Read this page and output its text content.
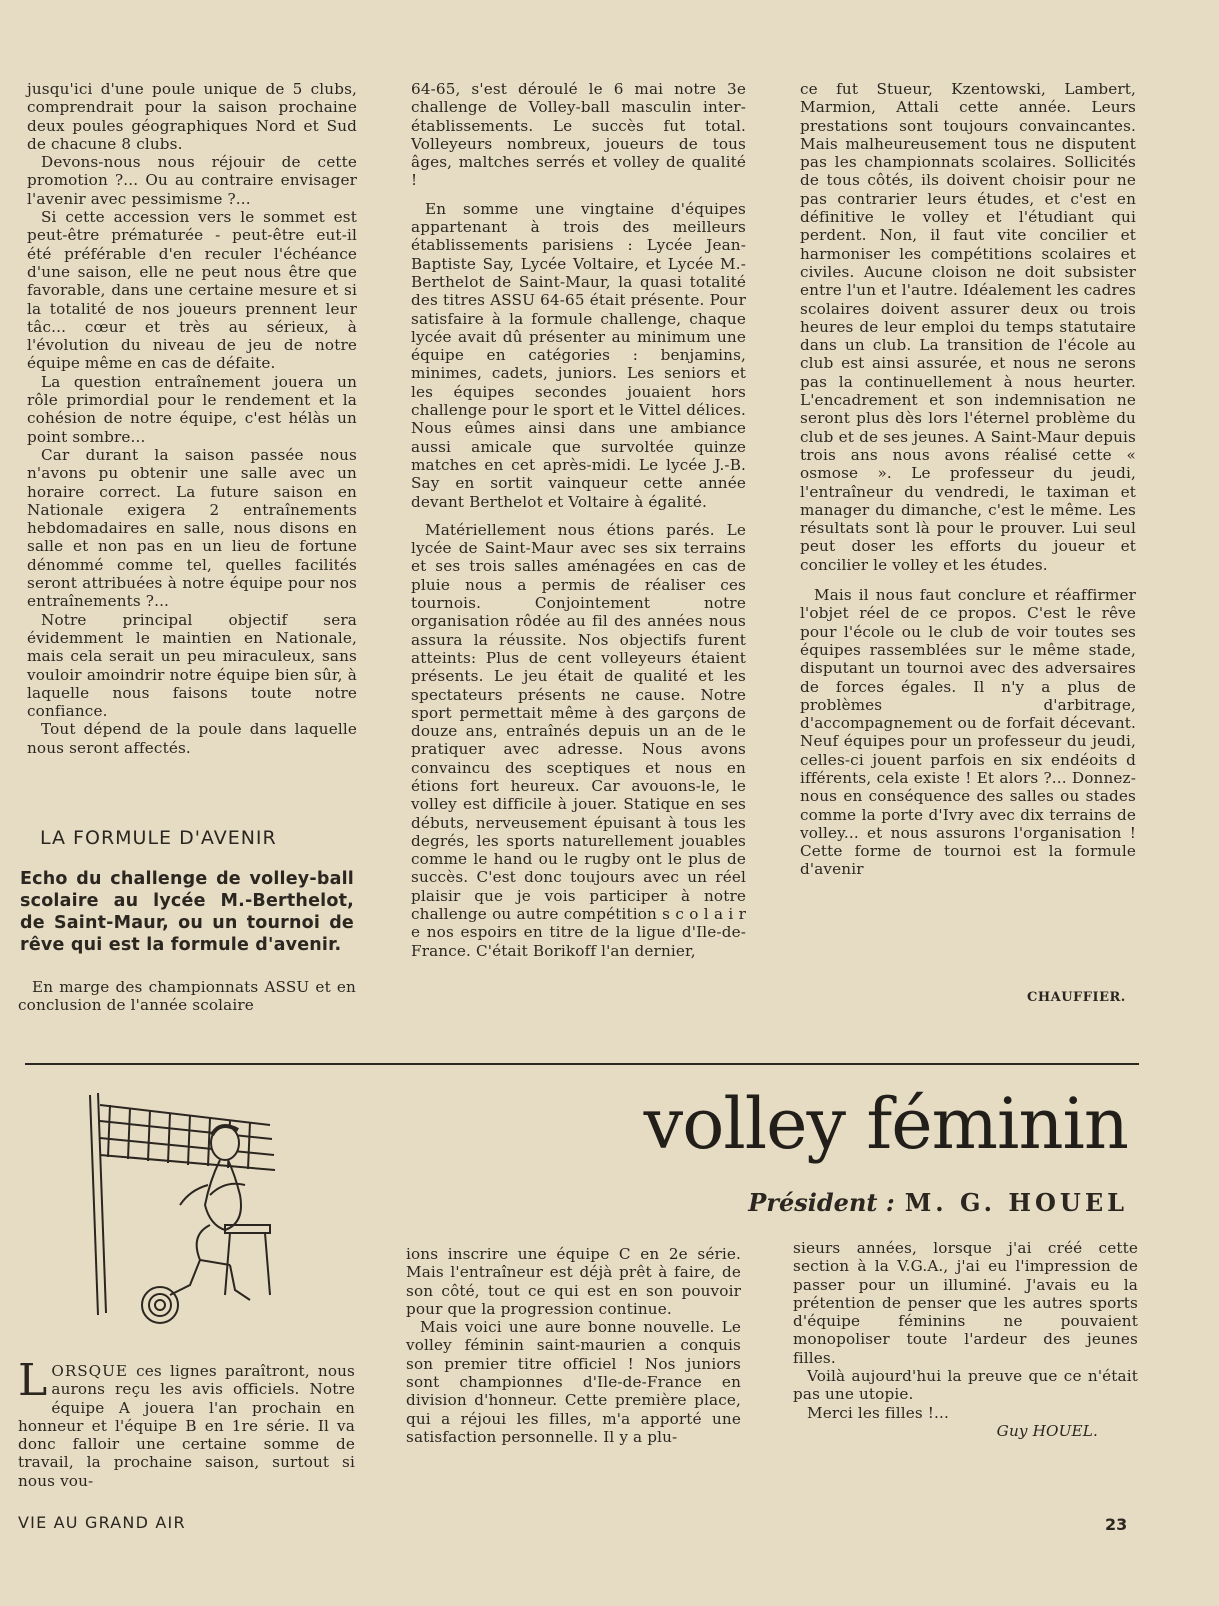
jusqu'ici d'une poule unique de 5 clubs, comprendrait pour la saison prochaine deux poules géographiques Nord et Sud de chacune 8 clubs.

Devons-nous nous réjouir de cette promotion ?... Ou au contraire envisager l'avenir avec pessimisme ?...

Si cette accession vers le sommet est peut-être prématurée - peut-être eut-il été préférable d'en reculer l'échéance d'une saison, elle ne peut nous être que favorable, dans une certaine mesure et si la totalité de nos joueurs prennent leur tâc... cœur et très au sérieux, à l'évolution du niveau de jeu de notre équipe même en cas de défaite.

La question entraînement jouera un rôle primordial pour le rendement et la cohésion de notre équipe, c'est hélàs un point sombre...

Car durant la saison passée nous n'avons pu obtenir une salle avec un horaire correct. La future saison en Nationale exigera 2 entraînements hebdomadaires en salle, nous disons en salle et non pas en un lieu de fortune dénommé comme tel, quelles facilités seront attribuées à notre équipe pour nos entraînements ?...

Notre principal objectif sera évidemment le maintien en Nationale, mais cela serait un peu miraculeux, sans vouloir amoindrir notre équipe bien sûr, à laquelle nous faisons toute notre confiance.

Tout dépend de la poule dans laquelle nous seront affectés.

LA FORMULE D'AVENIR
Echo du challenge de volley-ball scolaire au lycée M.-Berthelot, de Saint-Maur, ou un tournoi de rêve qui est la formule d'avenir.

En marge des championnats ASSU et en conclusion de l'année scolaire

64-65, s'est déroulé le 6 mai notre 3e challenge de Volley-ball masculin inter-établissements. Le succès fut total. Volleyeurs nombreux, joueurs de tous âges, maltches serrés et volley de qualité !

En somme une vingtaine d'équipes appartenant à trois des meilleurs établissements parisiens : Lycée Jean-Baptiste Say, Lycée Voltaire, et Lycée M.-Berthelot de Saint-Maur, la quasi totalité des titres ASSU 64-65 était présente. Pour satisfaire à la formule challenge, chaque lycée avait dû présenter au minimum une équipe en catégories : benjamins, minimes, cadets, juniors. Les seniors et les équipes secondes jouaient hors challenge pour le sport et le Vittel délices. Nous eûmes ainsi dans une ambiance aussi amicale que survoltée quinze matches en cet après-midi. Le lycée J.-B. Say en sortit vainqueur cette année devant Berthelot et Voltaire à égalité.

Matériellement nous étions parés. Le lycée de Saint-Maur avec ses six terrains et ses trois salles aménagées en cas de pluie nous a permis de réaliser ces tournois. Conjointement notre organisation rôdée au fil des années nous assura la réussite. Nos objectifs furent atteints: Plus de cent volleyeurs étaient présents. Le jeu était de qualité et les spectateurs présents ne cause. Notre sport permettait même à des garçons de douze ans, entraînés depuis un an de le pratiquer avec adresse. Nous avons convaincu des sceptiques et nous en étions fort heureux. Car avouons-le, le volley est difficile à jouer. Statique en ses débuts, nerveusement épuisant à tous les degrés, les sports naturellement jouables comme le hand ou le rugby ont le plus de succès. C'est donc toujours avec un réel plaisir que je vois participer à notre challenge ou autre compétition s c o l a i r e nos espoirs en titre de la ligue d'Ile-de-France. C'était Borikoff l'an dernier,

ce fut Stueur, Kzentowski, Lambert, Marmion, Attali cette année. Leurs prestations sont toujours convaincantes. Mais malheureusement tous ne disputent pas les championnats scolaires. Sollicités de tous côtés, ils doivent choisir pour ne pas contrarier leurs études, et c'est en définitive le volley et l'étudiant qui perdent. Non, il faut vite concilier et harmoniser les compétitions scolaires et civiles. Aucune cloison ne doit subsister entre l'un et l'autre. Idéalement les cadres scolaires doivent assurer deux ou trois heures de leur emploi du temps statutaire dans un club. La transition de l'école au club est ainsi assurée, et nous ne serons pas la continuellement à nous heurter. L'encadrement et son indemnisation ne seront plus dès lors l'éternel problème du club et de ses jeunes. A Saint-Maur depuis trois ans nous avons réalisé cette « osmose ». Le professeur du jeudi, l'entraîneur du vendredi, le taximan et manager du dimanche, c'est le même. Les résultats sont là pour le prouver. Lui seul peut doser les efforts du joueur et concilier le volley et les études.

Mais il nous faut conclure et réaffirmer l'objet réel de ce propos. C'est le rêve pour l'école ou le club de voir toutes ses équipes rassemblées sur le même stade, disputant un tournoi avec des adversaires de forces égales. Il n'y a plus de problèmes d'arbitrage, d'accompagnement ou de forfait décevant. Neuf équipes pour un professeur du jeudi, celles-ci jouent parfois en six endéoits d ifférents, cela existe ! Et alors ?... Donnez-nous en conséquence des salles ou stades comme la porte d'Ivry avec dix terrains de volley... et nous assurons l'organisation ! Cette forme de tournoi est la formule d'avenir

CHAUFFIER.
volley féminin
Président : M. G. HOUEL

LORSQUE ces lignes paraîtront, nous aurons reçu les avis officiels. Notre équipe A jouera l'an prochain en honneur et l'équipe B en 1re série. Il va donc falloir une certaine somme de travail, la prochaine saison, surtout si nous vou-

ions inscrire une équipe C en 2e série. Mais l'entraîneur est déjà prêt à faire, de son côté, tout ce qui est en son pouvoir pour que la progression continue.

Mais voici une aure bonne nouvelle. Le volley féminin saint-maurien a conquis son premier titre officiel ! Nos juniors sont championnes d'Ile-de-France en division d'honneur. Cette première place, qui a réjoui les filles, m'a apporté une satisfaction personnelle. Il y a plu-

sieurs années, lorsque j'ai créé cette section à la V.G.A., j'ai eu l'impression de passer pour un illuminé. J'avais eu la prétention de penser que les autres sports d'équipe féminins ne pouvaient monopoliser toute l'ardeur des jeunes filles.

Voilà aujourd'hui la preuve que ce n'était pas une utopie.

Merci les filles !...

Guy HOUEL.

VIE AU GRAND AIR	23
